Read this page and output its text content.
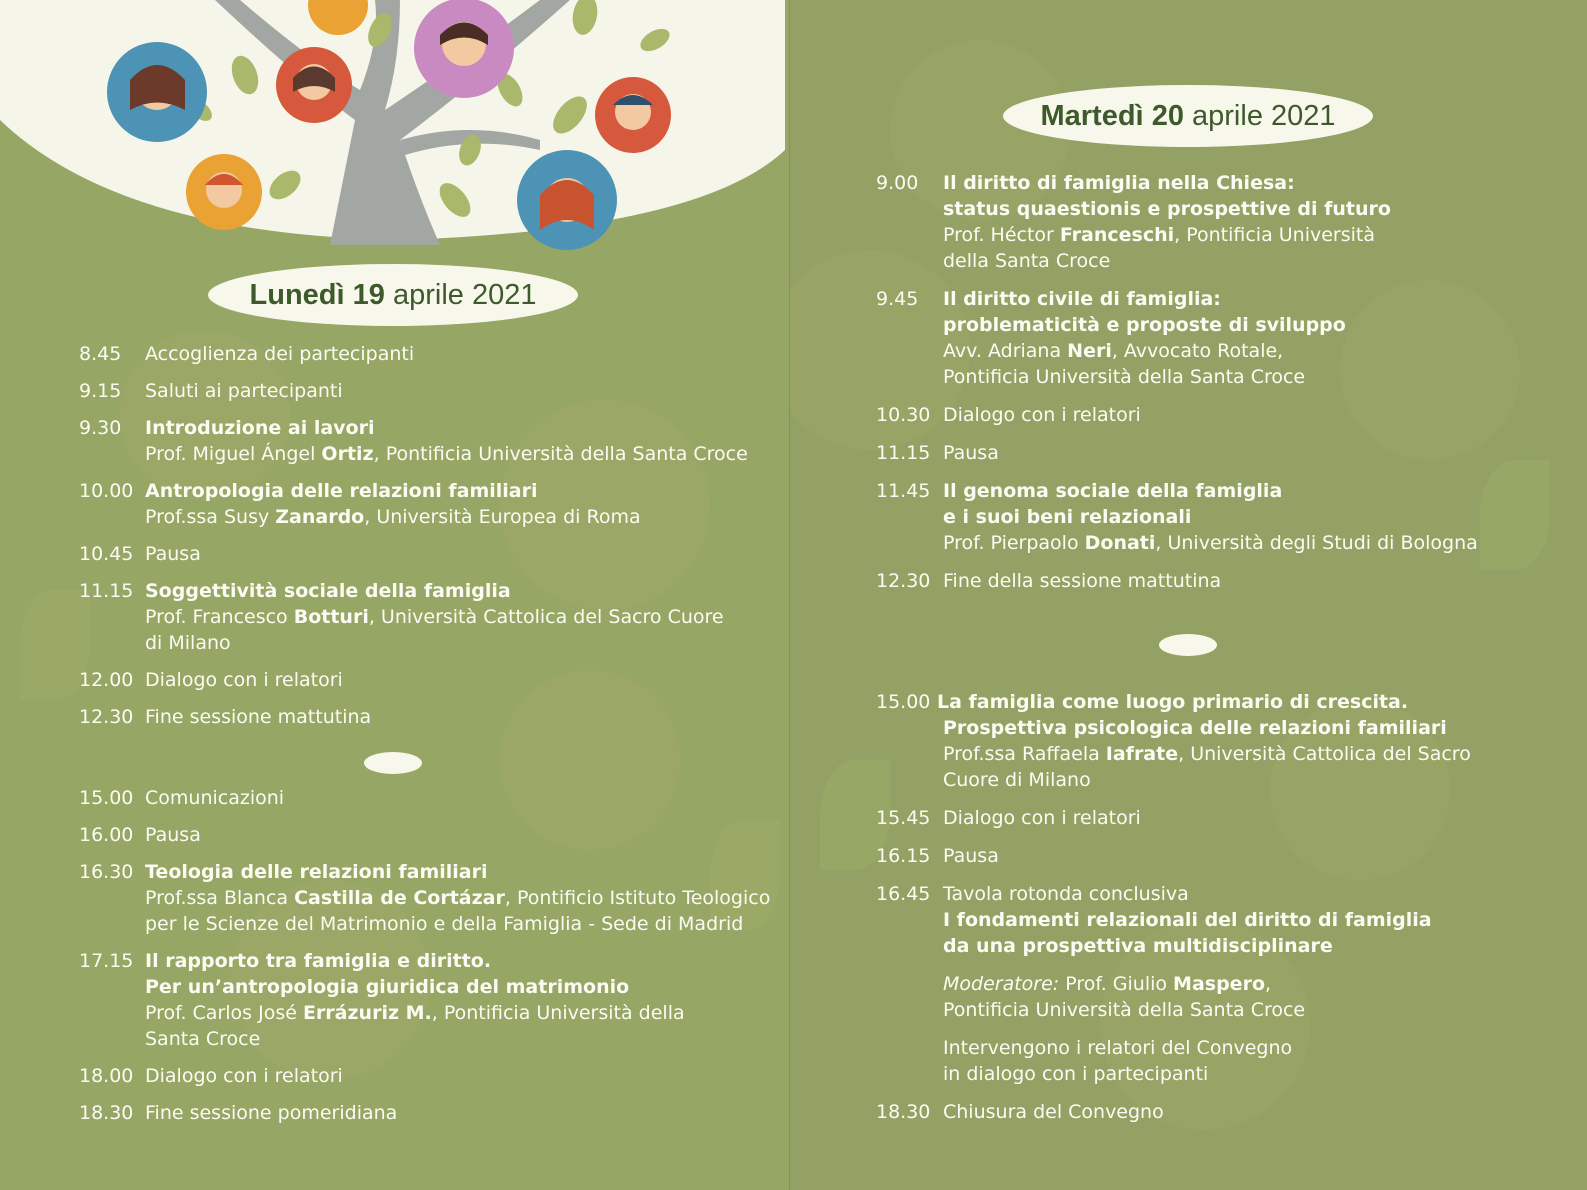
Lunedì 19 aprile 2021
8.45	Accoglienza dei partecipanti
9.15	Saluti ai partecipanti
9.30	Introduzione ai lavori
Prof. Miguel Ángel Ortiz, Pontificia Università della Santa Croce
10.00 Antropologia delle relazioni familiari
Prof.ssa Susy Zanardo, Università Europea di Roma
10.45 Pausa
11.15 Soggettività sociale della famiglia
Prof. Francesco Botturi, Università Cattolica del Sacro Cuore
di Milano
12.00 Dialogo con i relatori
12.30 Fine sessione mattutina
15.00 Comunicazioni
16.00 Pausa
16.30 Teologia delle relazioni familiari
Prof.ssa Blanca Castilla de Cortázar, Pontificio Istituto Teologico
per le Scienze del Matrimonio e della Famiglia - Sede di Madrid
17.15 Il rapporto tra famiglia e diritto.
Per un’antropologia giuridica del matrimonio
Prof. Carlos José Errázuriz M., Pontificia Università della
Santa Croce
18.00 Dialogo con i relatori
18.30 Fine sessione pomeridiana
Martedì 20 aprile 2021
9.00	Il diritto di famiglia nella Chiesa:
status quaestionis e prospettive di futuro
Prof. Héctor Franceschi, Pontificia Università
della Santa Croce
9.45	Il diritto civile di famiglia:
problematicità e proposte di sviluppo
Avv. Adriana Neri, Avvocato Rotale,
Pontificia Università della Santa Croce
10.30 Dialogo con i relatori
11.15 Pausa
11.45 Il genoma sociale della famiglia
e i suoi beni relazionali
Prof. Pierpaolo Donati, Università degli Studi di Bologna
12.30 Fine della sessione mattutina
15.00 La famiglia come luogo primario di crescita.
Prospettiva psicologica delle relazioni familiari
Prof.ssa Raffaela Iafrate, Università Cattolica del Sacro
Cuore di Milano
15.45 Dialogo con i relatori
16.15 Pausa
16.45 Tavola rotonda conclusiva
I fondamenti relazionali del diritto di famiglia
da una prospettiva multidisciplinare
Moderatore: Prof. Giulio Maspero,
Pontificia Università della Santa Croce
Intervengono i relatori del Convegno
in dialogo con i partecipanti
18.30 Chiusura del Convegno
